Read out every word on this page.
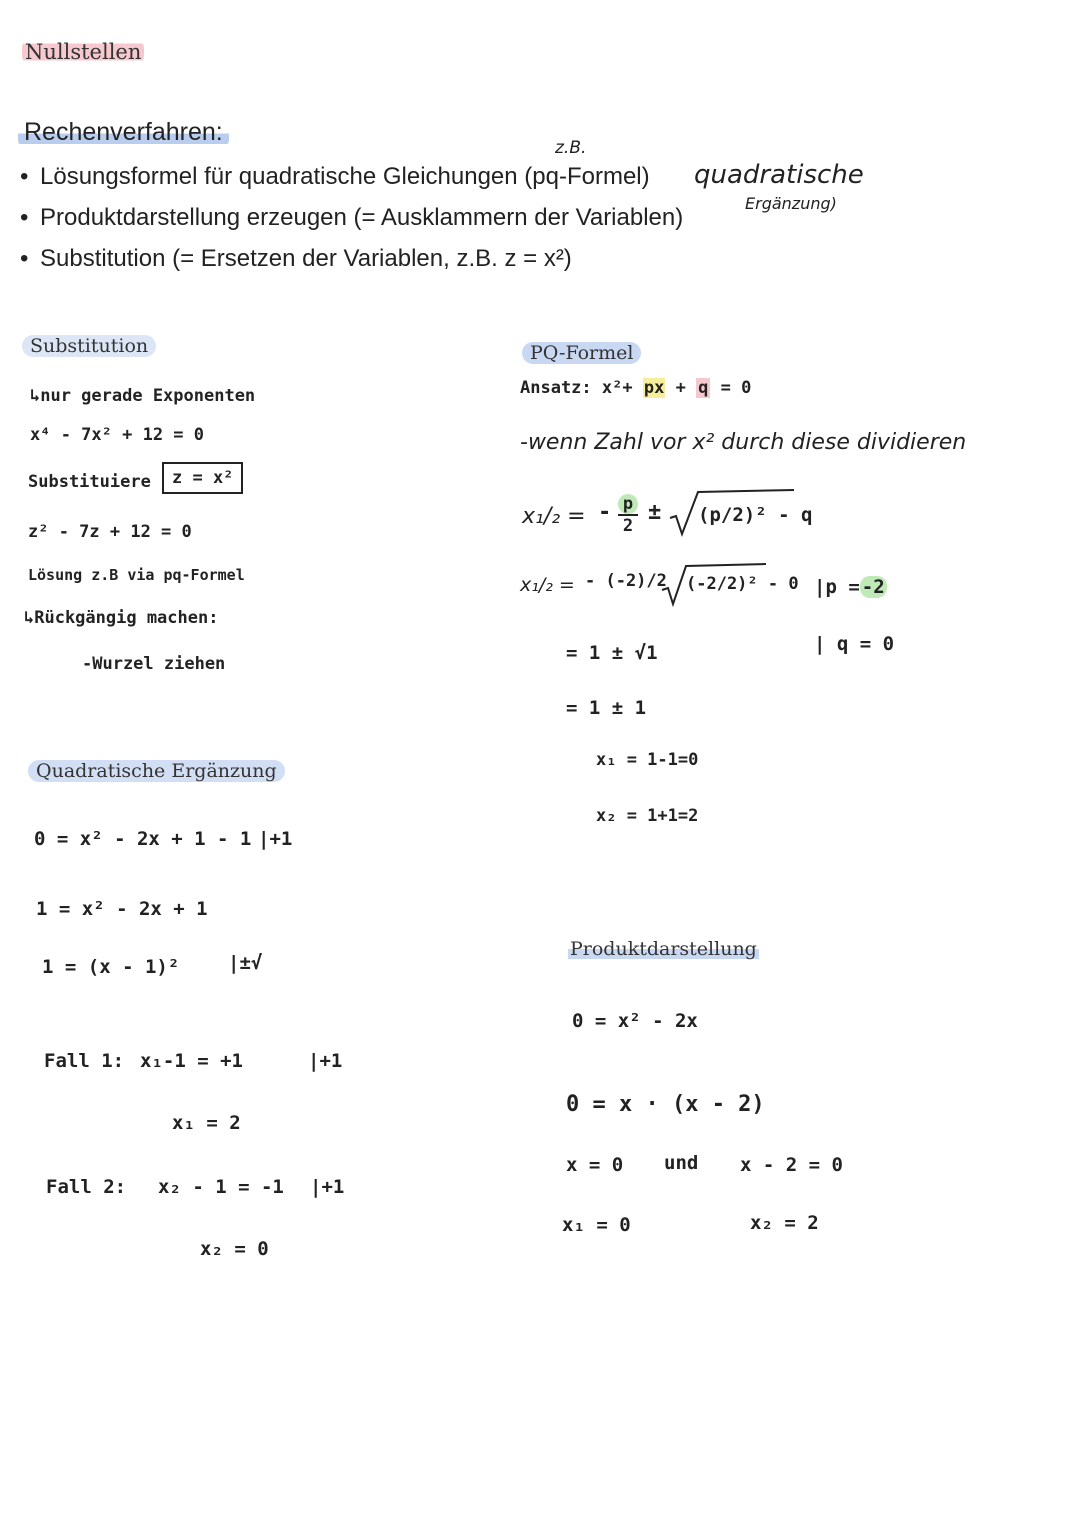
Nullstellen
Rechenverfahren:
z.B.
• Lösungsformel für quadratische Gleichungen (pq-Formel)
• Produktdarstellung erzeugen (= Ausklammern der Variablen)
• Substitution (= Ersetzen der Variablen, z.B. z = x²)
quadratische
Ergänzung)
Substitution
↳nur gerade Exponenten
x⁴ - 7x² + 12 = 0
Substituiere	z = x²
z² - 7z + 12 = 0
Lösung z.B via pq-Formel
↳Rückgängig machen:
-Wurzel ziehen
PQ-Formel
Ansatz: x²+ px + q = 0
-wenn Zahl vor x² durch diese dividieren
x₁/₂ = - p
2
± (p/2)² - q
x₁/₂ = - (-2)/2 (-2/2)² - 0 |p = -2
| q = 0
= 1 ± √1
= 1 ± 1
x₁ = 1-1=0
x₂ = 1+1=2
Quadratische Ergänzung
0 = x² - 2x + 1 - 1 |+1
1 = x² - 2x + 1
1 = (x - 1)²	|±√
Fall 1: x₁-1 = +1	|+1
x₁ = 2
Fall 2: x₂ - 1 = -1 |+1
x₂ = 0
Produktdarstellung
0 = x² - 2x
0 = x · (x - 2)
x = 0 und x - 2 = 0
x₁ = 0	x₂ = 2
